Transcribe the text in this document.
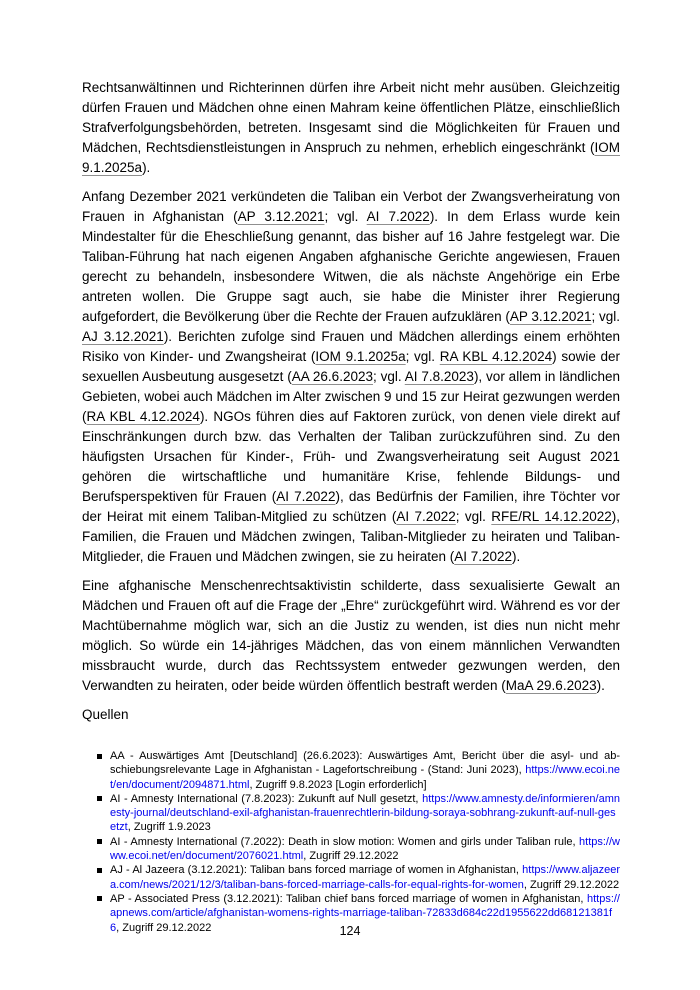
Rechtsanwältinnen und Richterinnen dürfen ihre Arbeit nicht mehr ausüben. Gleichzeitig dürfen Frauen und Mädchen ohne einen Mahram keine öffentlichen Plätze, einschließlich Strafverfolgungsbehörden, betreten. Insgesamt sind die Möglichkeiten für Frauen und Mädchen, Rechtsdienstleistungen in Anspruch zu nehmen, erheblich eingeschränkt (IOM 9.1.2025a).

Anfang Dezember 2021 verkündeten die Taliban ein Verbot der Zwangsverheiratung von Frauen in Afghanistan (AP 3.12.2021; vgl. AI 7.2022). In dem Erlass wurde kein Mindestalter für die Eheschließung genannt, das bisher auf 16 Jahre festgelegt war. Die Taliban-Führung hat nach eigenen Angaben afghanische Gerichte angewiesen, Frauen gerecht zu behandeln, insbesondere Witwen, die als nächste Angehörige ein Erbe antreten wollen. Die Gruppe sagt auch, sie habe die Minister ihrer Regierung aufgefordert, die Bevölkerung über die Rechte der Frauen aufzuklären (AP 3.12.2021; vgl. AJ 3.12.2021). Berichten zufolge sind Frauen und Mädchen allerdings einem erhöhten Risiko von Kinder- und Zwangsheirat (IOM 9.1.2025a; vgl. RA KBL 4.12.2024) sowie der sexuellen Ausbeutung ausgesetzt (AA 26.6.2023; vgl. AI 7.8.2023), vor allem in ländlichen Gebieten, wobei auch Mädchen im Alter zwischen 9 und 15 zur Heirat gezwungen werden (RA KBL 4.12.2024). NGOs führen dies auf Faktoren zurück, von denen viele direkt auf Einschränkungen durch bzw. das Verhalten der Taliban zurückzuführen sind. Zu den häufigsten Ursachen für Kinder-, Früh- und Zwangsverheiratung seit August 2021 gehören die wirtschaftliche und humanitäre Krise, fehlende Bildungs- und Berufsperspektiven für Frauen (AI 7.2022), das Bedürfnis der Familien, ihre Töchter vor der Heirat mit einem Taliban-Mitglied zu schützen (AI 7.2022; vgl. RFE/RL 14.12.2022), Familien, die Frauen und Mädchen zwingen, Taliban-Mitglieder zu heiraten und Taliban-Mitglieder, die Frauen und Mädchen zwingen, sie zu heiraten (AI 7.2022).

Eine afghanische Menschenrechtsaktivistin schilderte, dass sexualisierte Gewalt an Mädchen und Frauen oft auf die Frage der „Ehre“ zurückgeführt wird. Während es vor der Machtübernahme möglich war, sich an die Justiz zu wenden, ist dies nun nicht mehr möglich. So würde ein 14-jähriges Mädchen, das von einem männlichen Verwandten missbraucht wurde, durch das Rechtssystem entweder gezwungen werden, den Verwandten zu heiraten, oder beide würden öffentlich bestraft werden (MaA 29.6.2023).

Quellen

AA - Auswärtiges Amt [Deutschland] (26.6.2023): Auswärtiges Amt, Bericht über die asyl- und abschiebungsrelevante Lage in Afghanistan - Lagefortschreibung - (Stand: Juni 2023), https://www.ecoi.net/en/document/2094871.html, Zugriff 9.8.2023 [Login erforderlich]
AI - Amnesty International (7.8.2023): Zukunft auf Null gesetzt, https://www.amnesty.de/informieren/amnesty-journal/deutschland-exil-afghanistan-frauenrechtlerin-bildung-soraya-sobhrang-zukunft-auf-null-gesetzt, Zugriff 1.9.2023
AI - Amnesty International (7.2022): Death in slow motion: Women and girls under Taliban rule, https://www.ecoi.net/en/document/2076021.html, Zugriff 29.12.2022
AJ - Al Jazeera (3.12.2021): Taliban bans forced marriage of women in Afghanistan, https://www.aljazeera.com/news/2021/12/3/taliban-bans-forced-marriage-calls-for-equal-rights-for-women, Zugriff 29.12.2022
AP - Associated Press (3.12.2021): Taliban chief bans forced marriage of women in Afghanistan, https://apnews.com/article/afghanistan-womens-rights-marriage-taliban-72833d684c22d1955622dd68121381f6, Zugriff 29.12.2022	124
